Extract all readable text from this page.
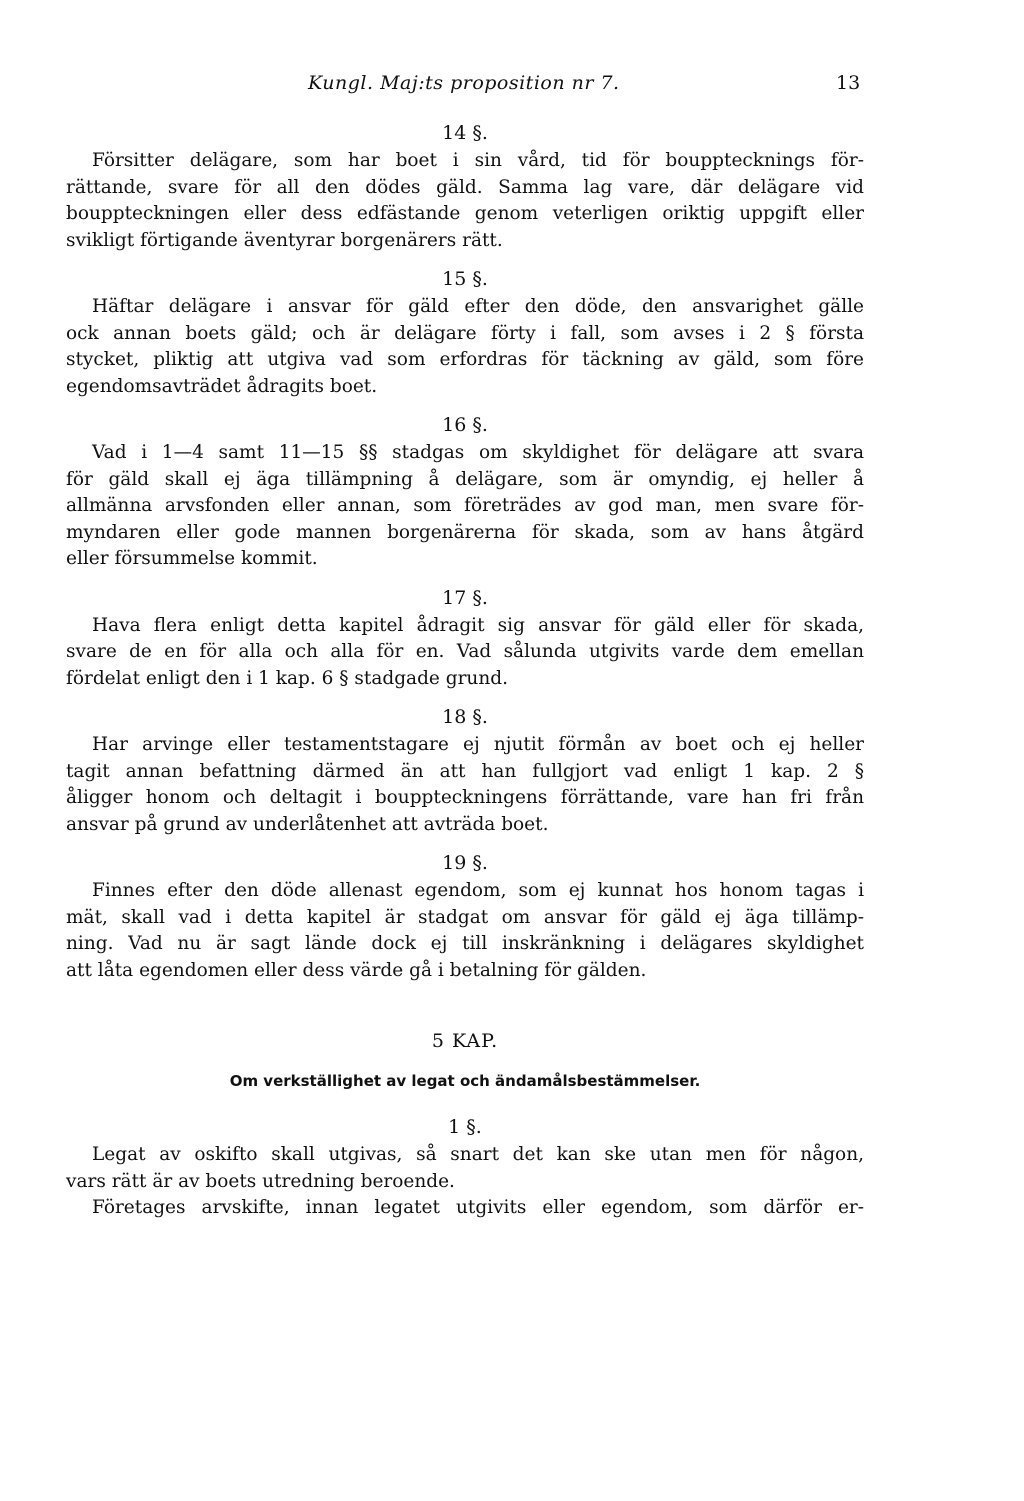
Kungl. Maj:ts proposition nr 7.	13

14 §.

Försitter delägare, som har boet i sin vård, tid för boupptecknings för-

rättande, svare för all den dödes gäld. Samma lag vare, där delägare vid

bouppteckningen eller dess edfästande genom veterligen oriktig uppgift eller

svikligt förtigande äventyrar borgenärers rätt.

15 §.

Häftar delägare i ansvar för gäld efter den döde, den ansvarighet gälle

ock annan boets gäld; och är delägare förty i fall, som avses i 2 § första

stycket, pliktig att utgiva vad som erfordras för täckning av gäld, som före

egendomsavträdet ådragits boet.

16 §.

Vad i 1—4 samt 11—15 §§ stadgas om skyldighet för delägare att svara

för gäld skall ej äga tillämpning å delägare, som är omyndig, ej heller å

allmänna arvsfonden eller annan, som företrädes av god man, men svare för-

myndaren eller gode mannen borgenärerna för skada, som av hans åtgärd

eller försummelse kommit.

17 §.

Hava flera enligt detta kapitel ådragit sig ansvar för gäld eller för skada,

svare de en för alla och alla för en. Vad sålunda utgivits varde dem emellan

fördelat enligt den i 1 kap. 6 § stadgade grund.

18 §.

Har arvinge eller testamentstagare ej njutit förmån av boet och ej heller

tagit annan befattning därmed än att han fullgjort vad enligt 1 kap. 2 §

åligger honom och deltagit i bouppteckningens förrättande, vare han fri från

ansvar på grund av underlåtenhet att avträda boet.

19 §.

Finnes efter den döde allenast egendom, som ej kunnat hos honom tagas i

mät, skall vad i detta kapitel är stadgat om ansvar för gäld ej äga tillämp-

ning. Vad nu är sagt lände dock ej till inskränkning i delägares skyldighet

att låta egendomen eller dess värde gå i betalning för gälden.

5 KAP.

Om verkställighet av legat och ändamålsbestämmelser.

1 §.

Legat av oskifto skall utgivas, så snart det kan ske utan men för någon,

vars rätt är av boets utredning beroende.

Företages arvskifte, innan legatet utgivits eller egendom, som därför er-
